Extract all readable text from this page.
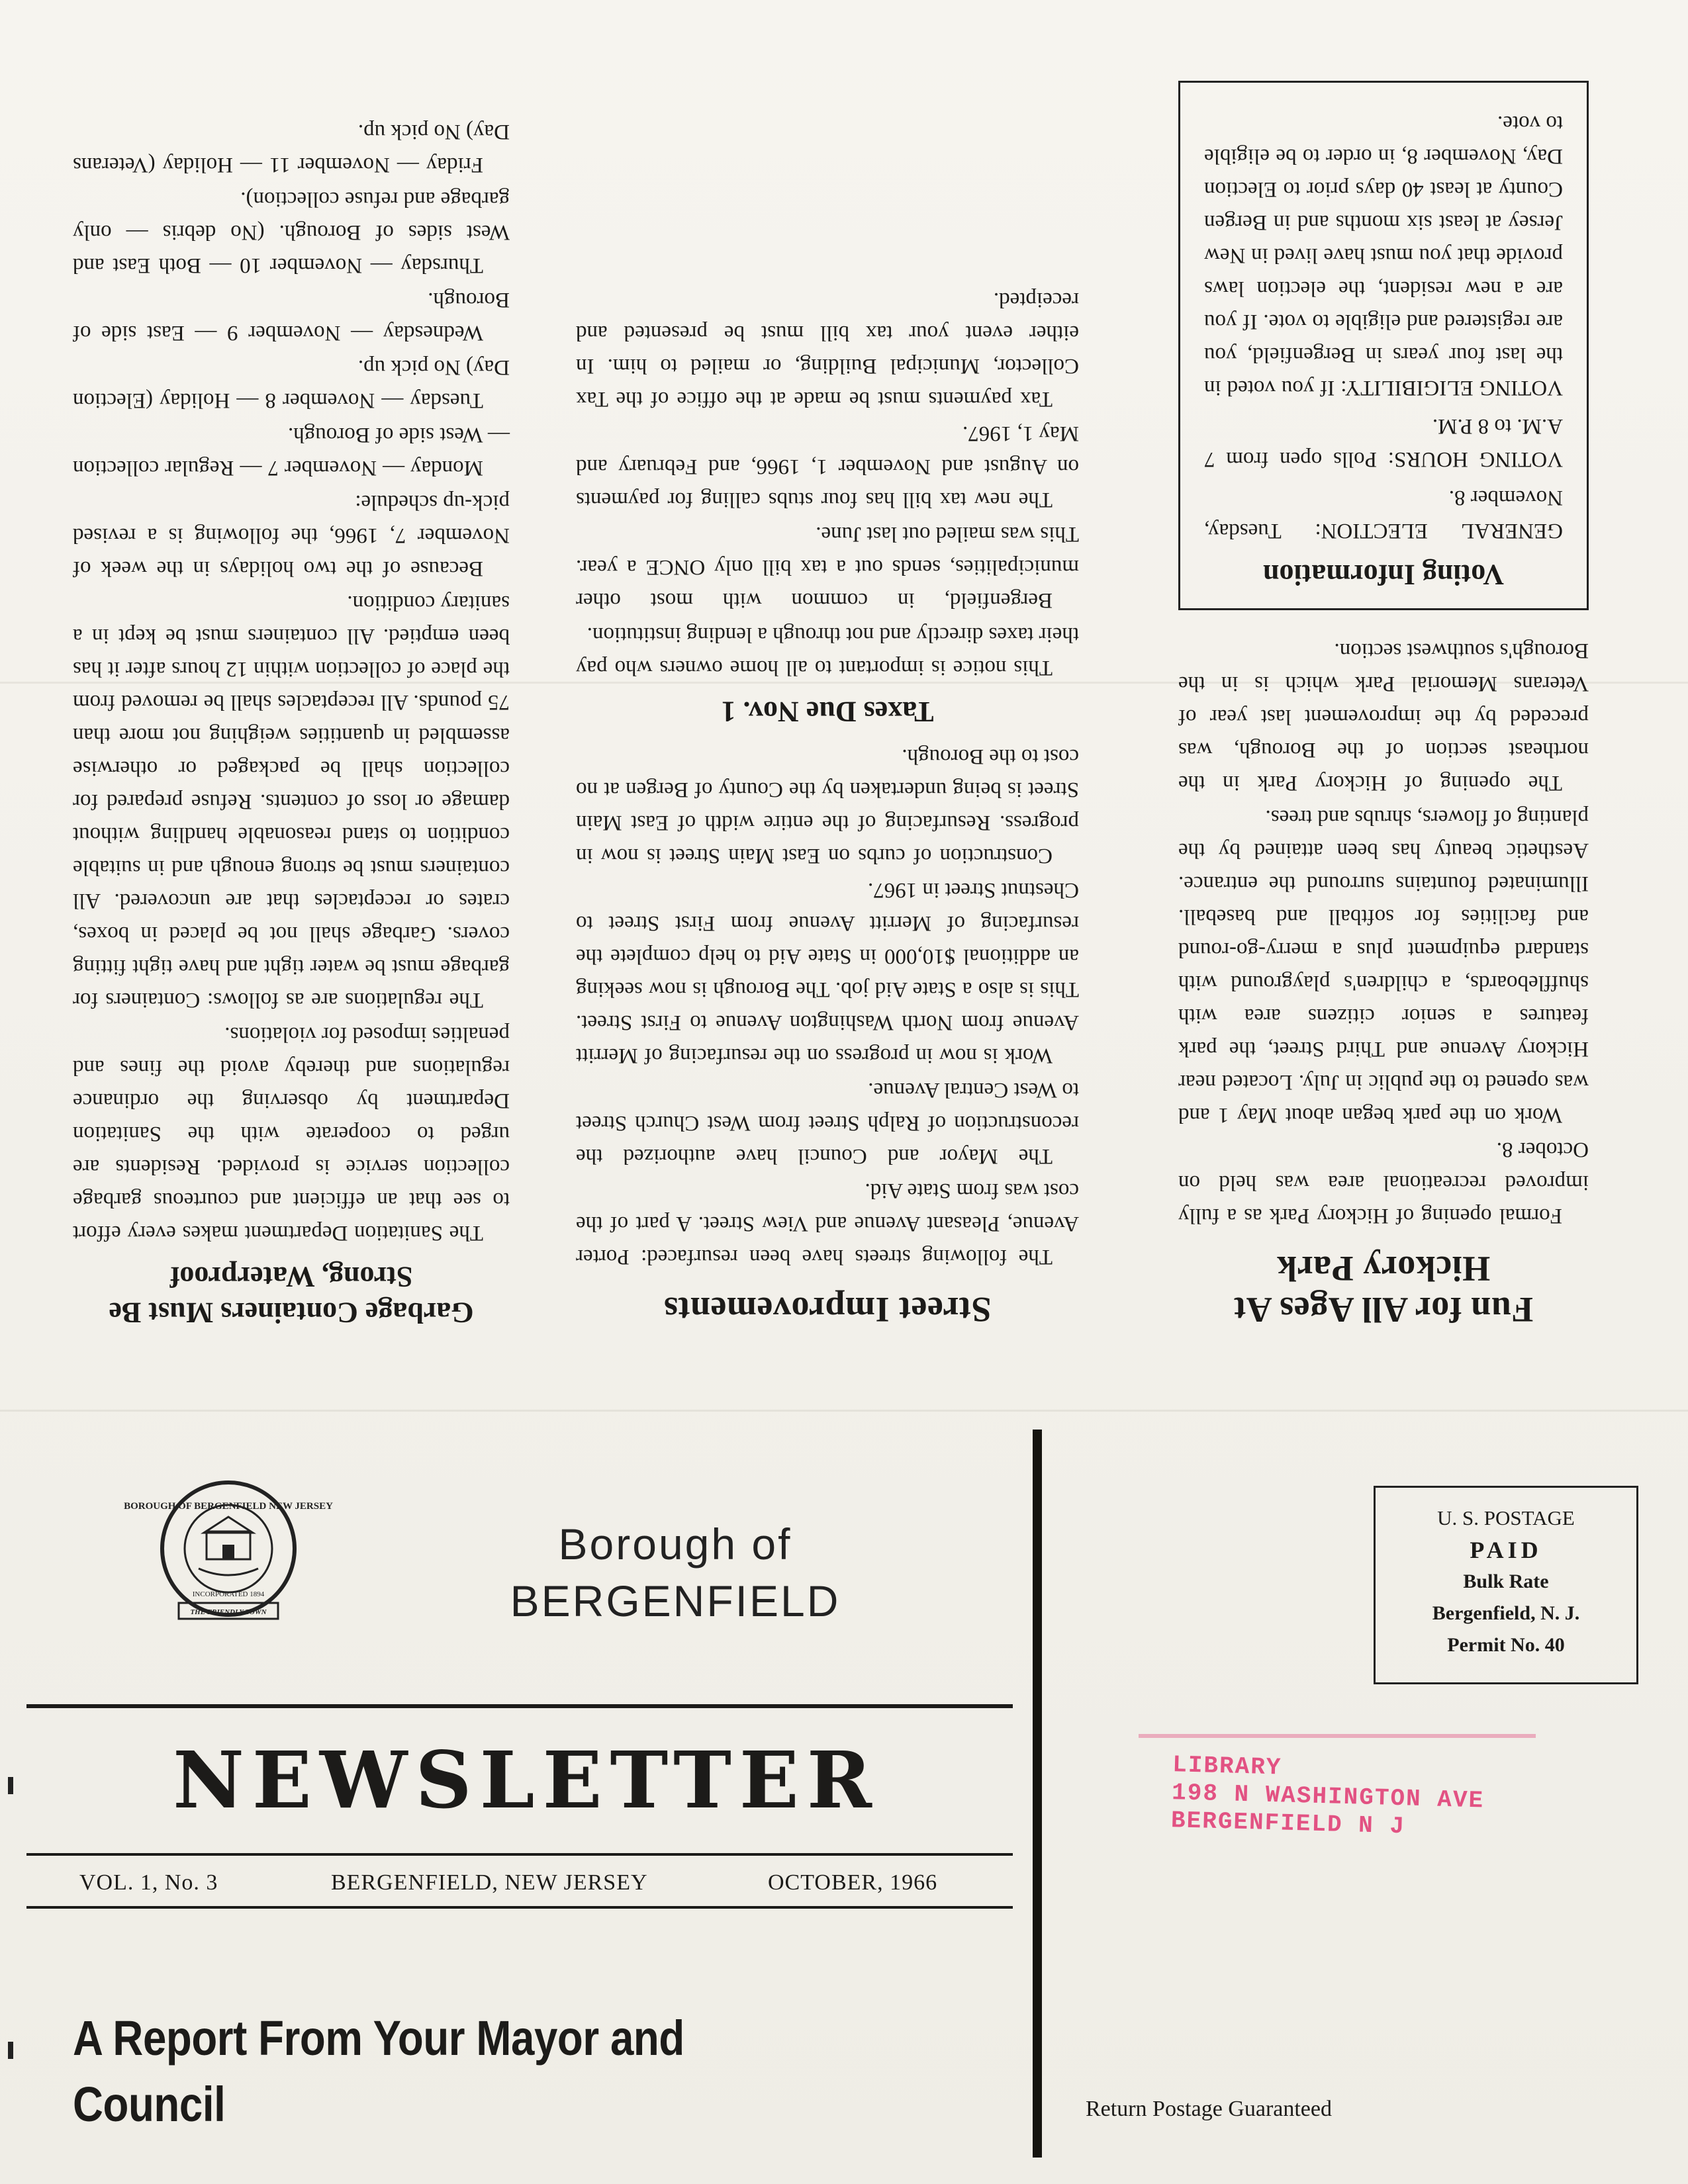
Fun for All Ages At Hickory Park

Formal opening of Hickory Park as a fully improved recreational area was held on October 8.

Work on the park began about May 1 and was opened to the public in July. Located near Hickory Avenue and Third Street, the park features a senior citizens area with shuffleboards, a children's playground with standard equipment plus a merry-go-round and facilities for softball and baseball. Illuminated fountains surround the entrance. Aesthetic beauty has been attained by the planting of flowers, shrubs and trees.

The opening of Hickory Park in the northeast section of the Borough, was preceded by the improvement last year of Veterans Memorial Park which is in the Borough's southwest section.

Voting Information

GENERAL ELECTION: Tuesday, November 8.

VOTING HOURS: Polls open from 7 A.M. to 8 P.M.

VOTING ELIGIBILITY: If you voted in the last four years in Bergenfield, you are registered and eligible to vote. If you are a new resident, the election laws provide that you must have lived in New Jersey at least six months and in Bergen County at least 40 days prior to Election Day, November 8, in order to be eligible to vote.

Street Improvements

The following streets have been resurfaced: Porter Avenue, Pleasant Avenue and View Street. A part of the cost was from State Aid.

The Mayor and Council have authorized the reconstruction of Ralph Street from West Church Street to West Central Avenue.

Work is now in progress on the resurfacing of Merritt Avenue from North Washington Avenue to First Street. This is also a State Aid job. The Borough is now seeking an additional $10,000 in State Aid to help complete the resurfacing of Merritt Avenue from First Street to Chestnut Street in 1967.

Construction of curbs on East Main Street is now in progress. Resurfacing of the entire width of East Main Street is being undertaken by the County of Bergen at no cost to the Borough.

Taxes Due Nov. 1

This notice is important to all home owners who pay their taxes directly and not through a lending institution.

Bergenfield, in common with most other municipalities, sends out a tax bill only ONCE a year. This was mailed out last June.

The new tax bill has four stubs calling for payments on August and November 1, 1966, and February and May 1, 1967.

Tax payments must be made at the office of the Tax Collector, Municipal Building, or mailed to him. In either event your tax bill must be presented and receipted.

Garbage Containers Must Be Strong, Waterproof

The Sanitation Department makes every effort to see that an efficient and courteous garbage collection service is provided. Residents are urged to cooperate with the Sanitation Department by observing the ordinance regulations and thereby avoid the fines and penalties imposed for violations.

The regulations are as follows: Containers for garbage must be water tight and have tight fitting covers. Garbage shall not be placed in boxes, crates or receptacles that are uncovered. All containers must be strong enough and in suitable condition to stand reasonable handling without damage or loss of contents. Refuse prepared for collection shall be packaged or otherwise assembled in quantities weighing not more than 75 pounds. All receptacles shall be removed from the place of collection within 12 hours after it has been emptied. All containers must be kept in a sanitary condition.

Because of the two holidays in the week of November 7, 1966, the following is a revised pick-up schedule:

Monday — November 7 — Regular collection — West side of Borough.

Tuesday — November 8 — Holiday (Election Day) No pick up.

Wednesday — November 9 — East side of Borough.

Thursday — November 10 — Both East and West sides of Borough. (No debris — only garbage and refuse collection).

Friday — November 11 — Holiday (Veterans Day) No pick up.

BOROUGH OF BERGENFIELD NEW JERSEY
INCORPORATED 1894
THE FRIENDLY TOWN
Borough of
BERGENFIELD
NEWSLETTER
VOL. 1, No. 3	BERGENFIELD, NEW JERSEY	OCTOBER, 1966
A Report From Your Mayor and Council
U. S. POSTAGE
PAID
Bulk Rate
Bergenfield, N. J.
Permit No. 40
LIBRARY
198 N WASHINGTON AVE
BERGENFIELD N J
Return Postage Guaranteed
